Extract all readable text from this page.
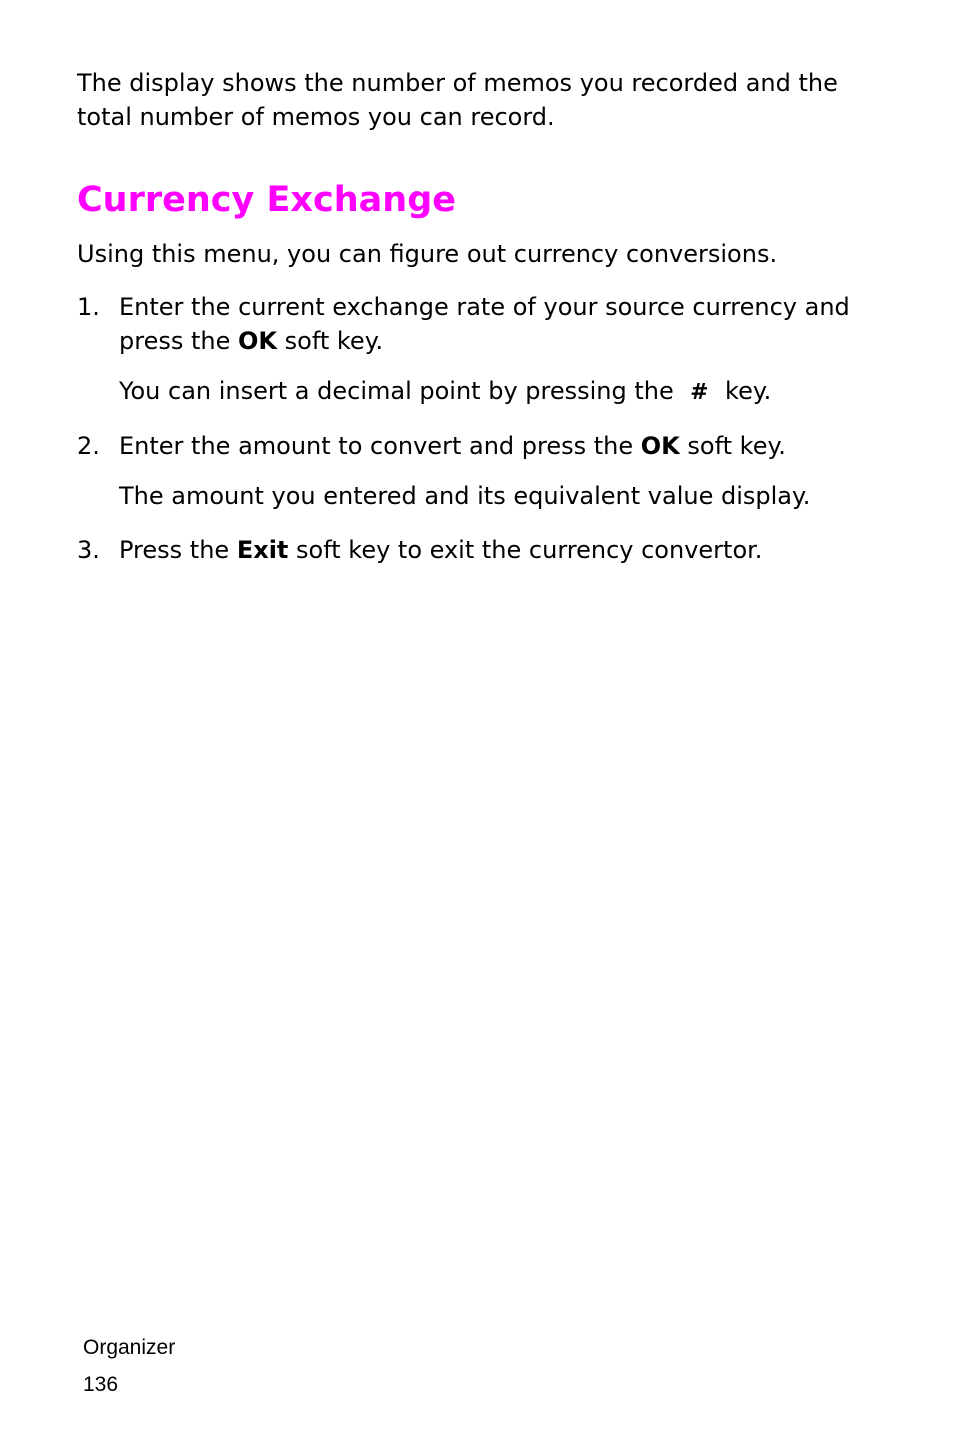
The display shows the number of memos you recorded and the total number of memos you can record.

Currency Exchange

Using this menu, you can figure out currency conversions.

1. Enter the current exchange rate of your source currency and press the OK soft key.
You can insert a decimal point by pressing the # key.
2. Enter the amount to convert and press the OK soft key.
The amount you entered and its equivalent value display.
3. Press the Exit soft key to exit the currency convertor.
Organizer
136
